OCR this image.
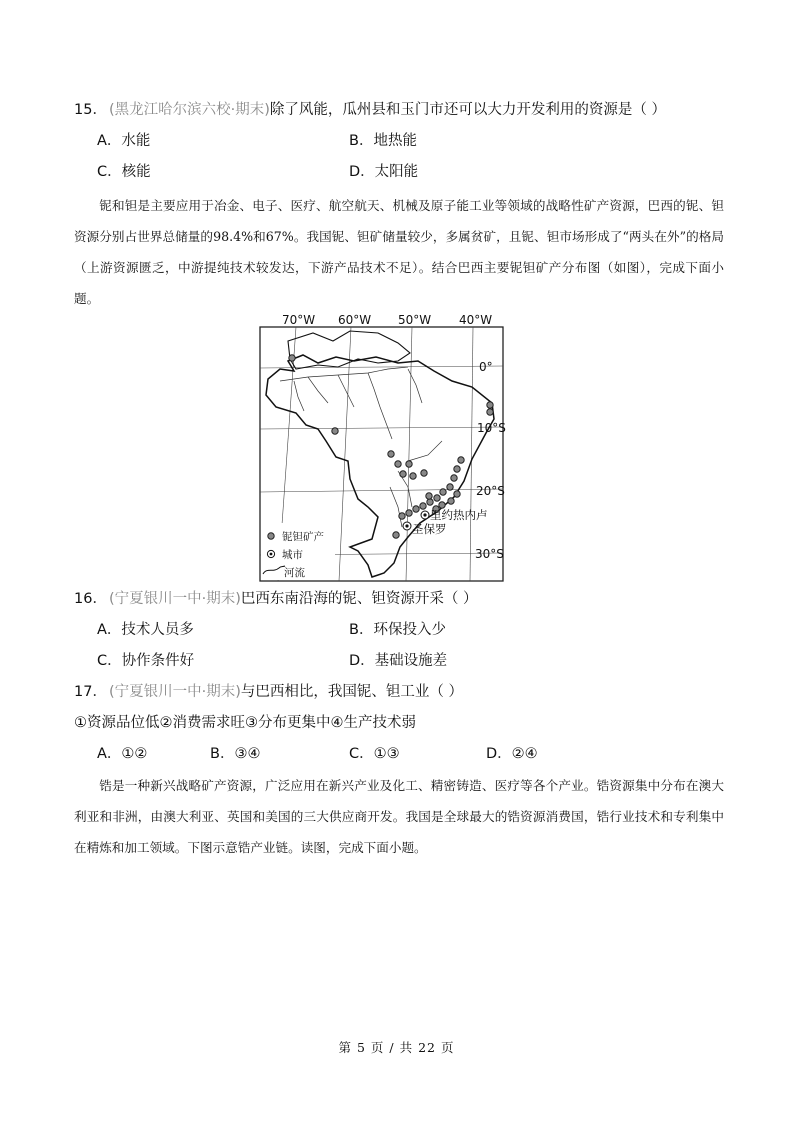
15． (黑龙江哈尔滨六校·期末)除了风能，瓜州县和玉门市还可以大力开发利用的资源是（ ）
A．水能	B．地热能
C．核能	D．太阳能
铌和钽是主要应用于冶金、电子、医疗、航空航天、机械及原子能工业等领域的战略性矿产资源，巴西的铌、钽资源分别占世界总储量的98.4%和67%。我国铌、钽矿储量较少，多属贫矿，且铌、钽市场形成了“两头在外”的格局（上游资源匮乏，中游提纯技术较发达，下游产品技术不足）。结合巴西主要铌钽矿产分布图（如图），完成下面小题。
70°W 60°W 50°W 40°W
0°
10°S
20°S
30°S
里约热内卢
圣保罗
铌钽矿产
城市
河流
16． (宁夏银川一中·期末)巴西东南沿海的铌、钽资源开采（ ）
A．技术人员多	B．环保投入少
C．协作条件好	D．基础设施差
17． (宁夏银川一中·期末)与巴西相比，我国铌、钽工业（ ）
①资源品位低②消费需求旺③分布更集中④生产技术弱
A．①②	B．③④	C．①③	D．②④
锆是一种新兴战略矿产资源，广泛应用在新兴产业及化工、精密铸造、医疗等各个产业。锆资源集中分布在澳大利亚和非洲，由澳大利亚、英国和美国的三大供应商开发。我国是全球最大的锆资源消费国，锆行业技术和专利集中在精炼和加工领域。下图示意锆产业链。读图，完成下面小题。
第 5 页 / 共 22 页
